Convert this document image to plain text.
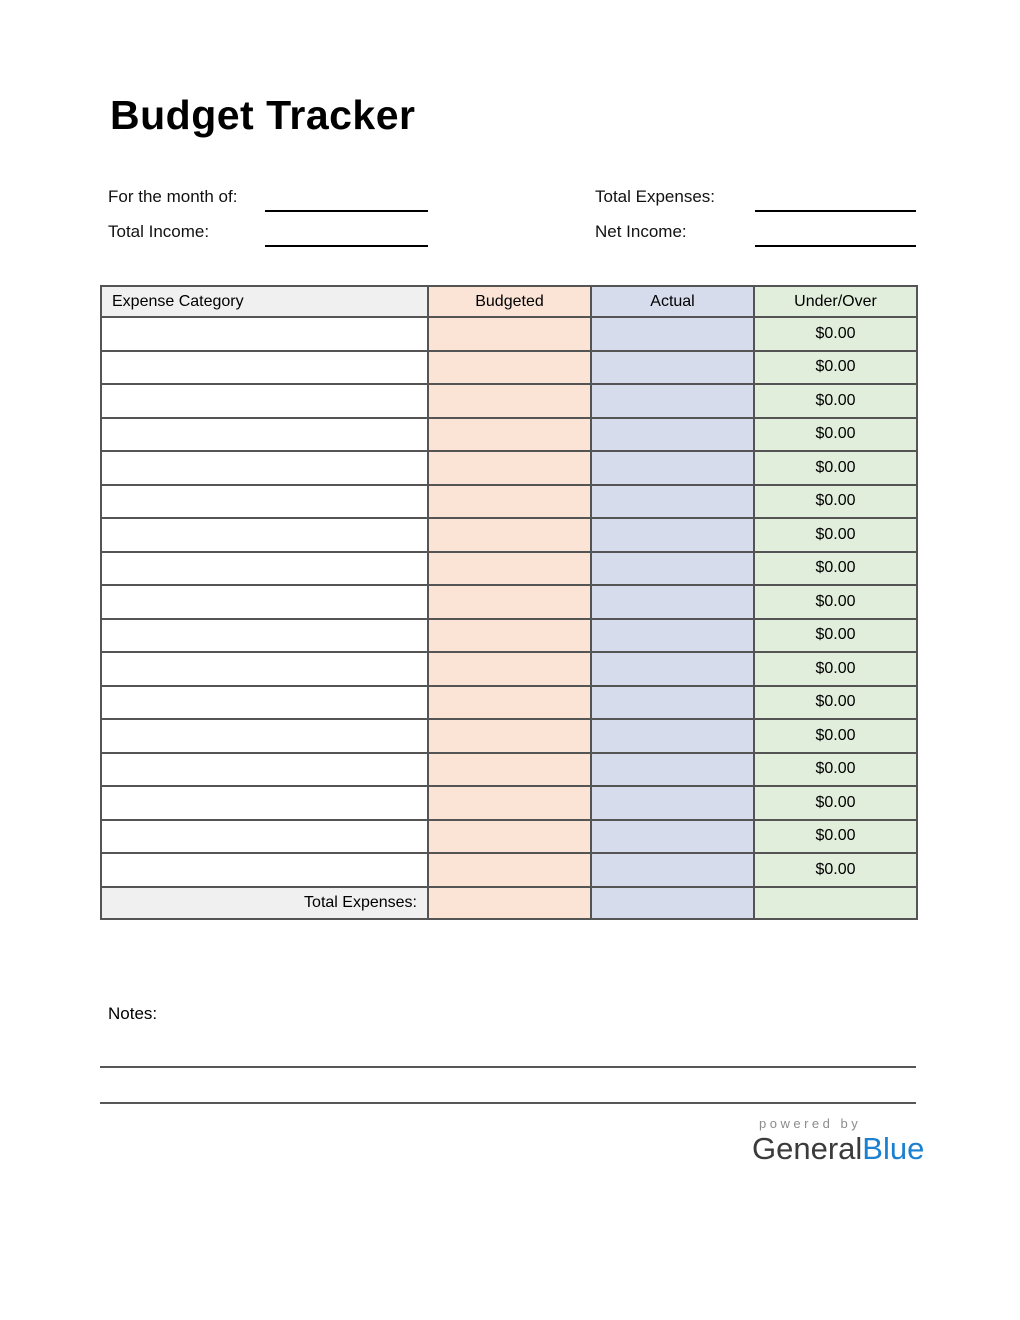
Budget Tracker
For the month of:	Total Expenses:
Total Income:	Net Income:
Expense Category	Budgeted	Actual	Under/Over
			$0.00
			$0.00
			$0.00
			$0.00
			$0.00
			$0.00
			$0.00
			$0.00
			$0.00
			$0.00
			$0.00
			$0.00
			$0.00
			$0.00
			$0.00
			$0.00
			$0.00
Total Expenses:			
Notes:
powered by
GeneralBlue
